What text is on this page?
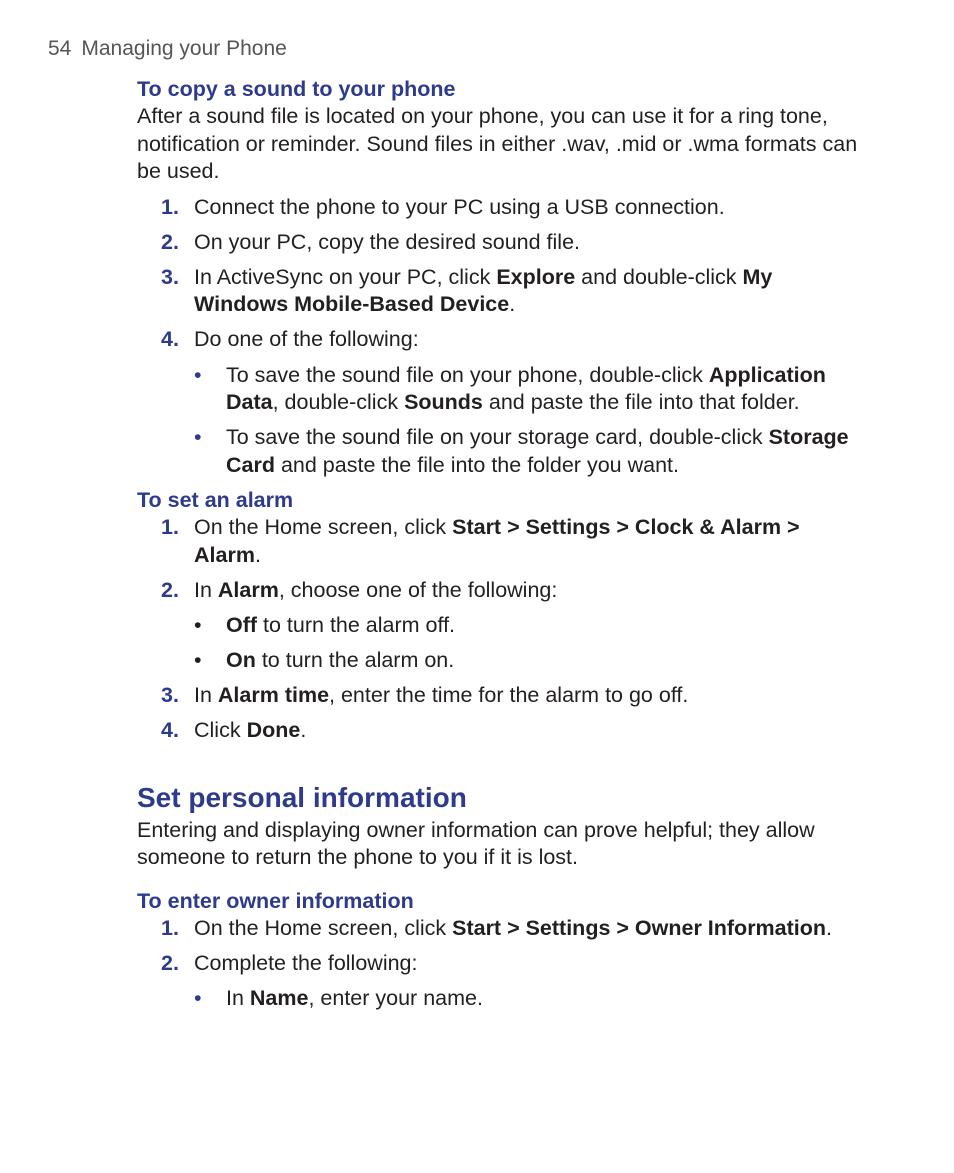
54 Managing your Phone
To copy a sound to your phone

After a sound file is located on your phone, you can use it for a ring tone, notification or reminder. Sound files in either .wav, .mid or .wma formats can be used.

1. Connect the phone to your PC using a USB connection.
2. On your PC, copy the desired sound file.
3. In ActiveSync on your PC, click Explore and double-click My Windows Mobile-Based Device.
4. Do one of the following:
• To save the sound file on your phone, double-click Application Data, double-click Sounds and paste the file into that folder.
• To save the sound file on your storage card, double-click Storage Card and paste the file into the folder you want.
To set an alarm
1. On the Home screen, click Start > Settings > Clock & Alarm > Alarm.
2. In Alarm, choose one of the following:
• Off to turn the alarm off.
• On to turn the alarm on.
3. In Alarm time, enter the time for the alarm to go off.
4. Click Done.
Set personal information

Entering and displaying owner information can prove helpful; they allow someone to return the phone to you if it is lost.

To enter owner information
1. On the Home screen, click Start > Settings > Owner Information.
2. Complete the following:
• In Name, enter your name.
